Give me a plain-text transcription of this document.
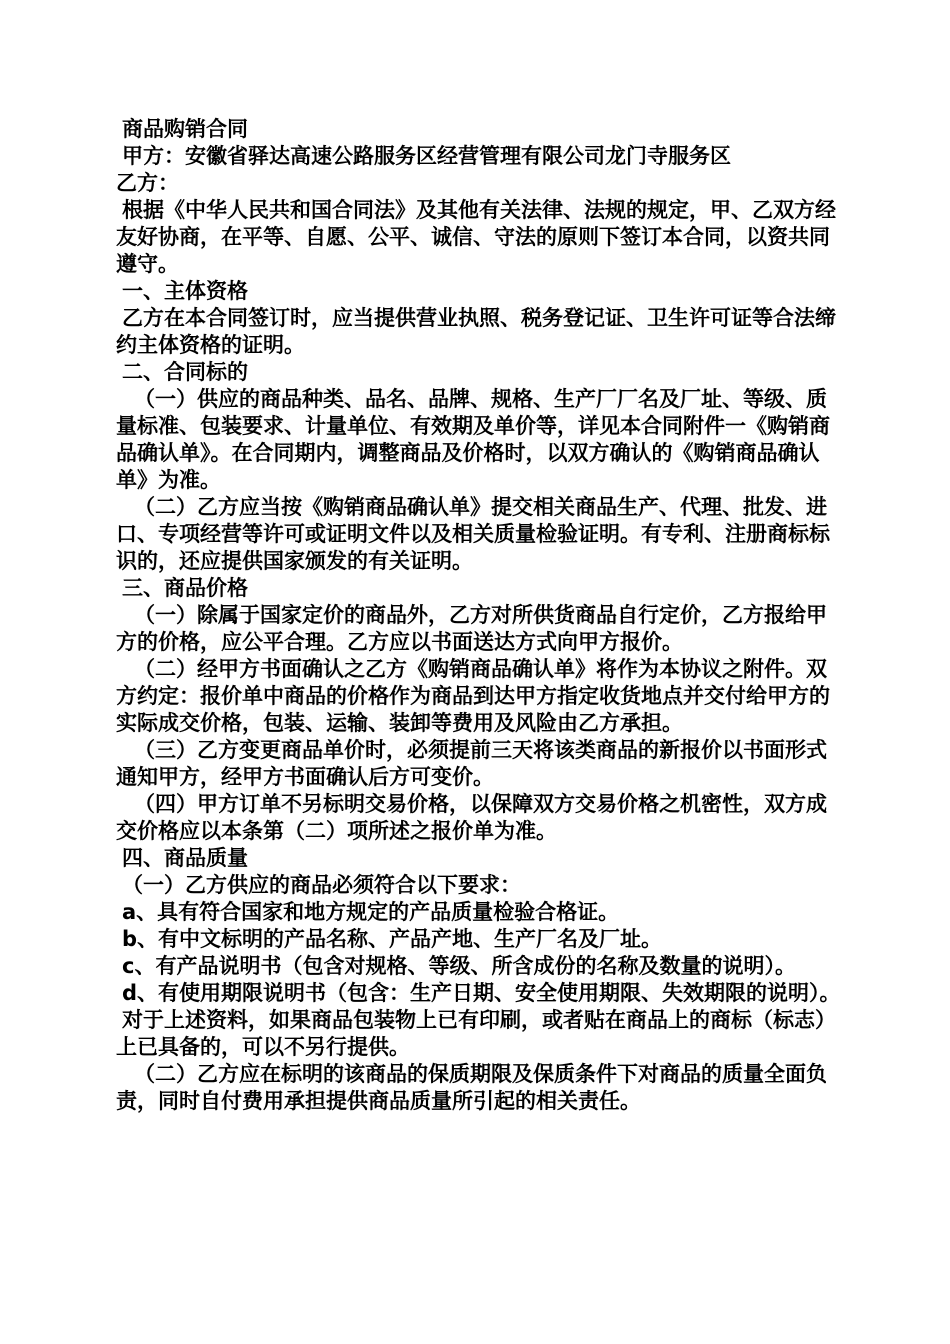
商品购销合同

甲方：安徽省驿达高速公路服务区经营管理有限公司龙门寺服务区

乙方：

根据《中华人民共和国合同法》及其他有关法律、法规的规定，甲、乙双方经友好协商，在平等、自愿、公平、诚信、守法的原则下签订本合同，以资共同遵守。

一、主体资格

乙方在本合同签订时，应当提供营业执照、税务登记证、卫生许可证等合法缔约主体资格的证明。

二、合同标的

（一）供应的商品种类、品名、品牌、规格、生产厂厂名及厂址、等级、质量标准、包装要求、计量单位、有效期及单价等，详见本合同附件一《购销商品确认单》。在合同期内，调整商品及价格时，以双方确认的《购销商品确认单》为准。

（二）乙方应当按《购销商品确认单》提交相关商品生产、代理、批发、进口、专项经营等许可或证明文件以及相关质量检验证明。有专利、注册商标标识的，还应提供国家颁发的有关证明。

三、商品价格

（一）除属于国家定价的商品外，乙方对所供货商品自行定价，乙方报给甲方的价格，应公平合理。乙方应以书面送达方式向甲方报价。

（二）经甲方书面确认之乙方《购销商品确认单》将作为本协议之附件。双方约定：报价单中商品的价格作为商品到达甲方指定收货地点并交付给甲方的实际成交价格，包装、运输、装卸等费用及风险由乙方承担。

（三）乙方变更商品单价时，必须提前三天将该类商品的新报价以书面形式通知甲方，经甲方书面确认后方可变价。

（四）甲方订单不另标明交易价格，以保障双方交易价格之机密性，双方成交价格应以本条第（二）项所述之报价单为准。

四、商品质量

（一）乙方供应的商品必须符合以下要求：

a、具有符合国家和地方规定的产品质量检验合格证。

b、有中文标明的产品名称、产品产地、生产厂名及厂址。

c、有产品说明书（包含对规格、等级、所含成份的名称及数量的说明）。

d、有使用期限说明书（包含：生产日期、安全使用期限、失效期限的说明）。

对于上述资料，如果商品包装物上已有印刷，或者贴在商品上的商标（标志）上已具备的，可以不另行提供。

（二）乙方应在标明的该商品的保质期限及保质条件下对商品的质量全面负责，同时自付费用承担提供商品质量所引起的相关责任。
